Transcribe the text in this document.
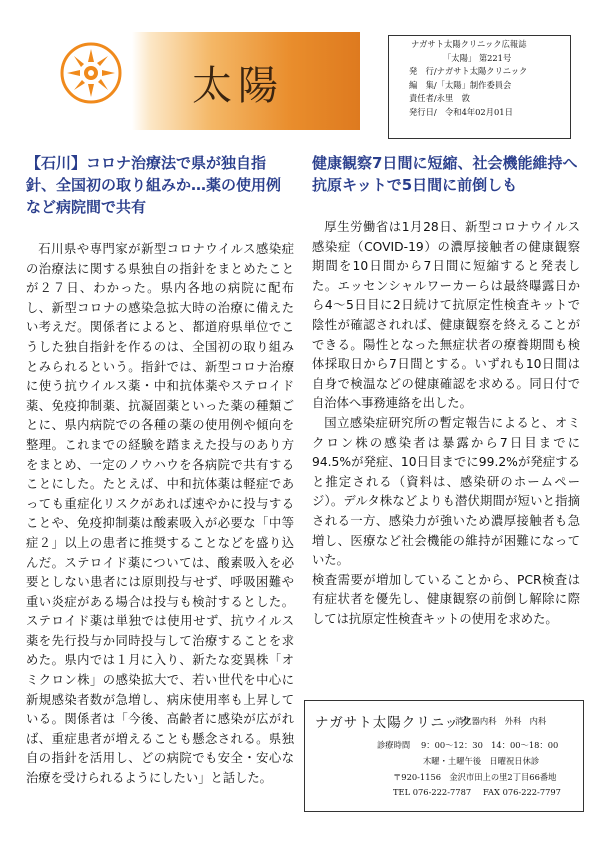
太陽
ナガサト太陽クリニック広報誌
「太陽」 第221号
発　行/ナガサト太陽クリニック
編　集/「太陽」制作委員会
責任者/永里　敦
発行日/　令和4年02月01日
【石川】コロナ治療法で県が独自指針、全国初の取り組みか…薬の使用例など病院間で共有

石川県や専門家が新型コロナウイルス感染症の治療法に関する県独自の指針をまとめたことが２７日、わかった。県内各地の病院に配布し、新型コロナの感染急拡大時の治療に備えたい考えだ。関係者によると、都道府県単位でこうした独自指針を作るのは、全国初の取り組みとみられるという。指針では、新型コロナ治療に使う抗ウイルス薬・中和抗体薬やステロイド薬、免疫抑制薬、抗凝固薬といった薬の種類ごとに、県内病院での各種の薬の使用例や傾向を整理。これまでの経験を踏まえた投与のあり方をまとめ、一定のノウハウを各病院で共有することにした。たとえば、中和抗体薬は軽症であっても重症化リスクがあれば速やかに投与することや、免疫抑制薬は酸素吸入が必要な「中等症２」以上の患者に推奨することなどを盛り込んだ。ステロイド薬については、酸素吸入を必要としない患者には原則投与せず、呼吸困難や重い炎症がある場合は投与も検討するとした。ステロイド薬は単独では使用せず、抗ウイルス薬を先行投与か同時投与して治療することを求めた。県内では１月に入り、新たな変異株「オミクロン株」の感染拡大で、若い世代を中心に新規感染者数が急増し、病床使用率も上昇している。関係者は「今後、高齢者に感染が広がれば、重症患者が増えることも懸念される。県独自の指針を活用し、どの病院でも安全・安心な治療を受けられるようにしたい」と話した。

健康観察7日間に短縮、社会機能維持へ抗原キットで5日間に前倒しも

厚生労働省は1月28日、新型コロナウイルス感染症（COVID-19）の濃厚接触者の健康観察期間を10日間から7日間に短縮すると発表した。エッセンシャルワーカーらは最終曝露日から4～5日目に2日続けて抗原定性検査キットで陰性が確認されれば、健康観察を終えることができる。陽性となった無症状者の療養期間も検体採取日から7日間とする。いずれも10日間は自身で検温などの健康確認を求める。同日付で自治体へ事務連絡を出した。

国立感染症研究所の暫定報告によると、オミクロン株の感染者は暴露から7日目までに94.5%が発症、10日目までに99.2%が発症すると推定される（資料は、感染研のホームページ）。デルタ株などよりも潜伏期間が短いと指摘される一方、感染力が強いため濃厚接触者も急増し、医療など社会機能の維持が困難になっていた。

検査需要が増加していることから、PCR検査は有症状者を優先し、健康観察の前倒し解除に際しては抗原定性検査キットの使用を求めた。

ナガサト太陽クリニック
消化器内科　外科　内科
診療時間 9：00～12：30　14：00～18：00
木曜・土曜午後　日曜祝日休診
〒920-1156　金沢市田上の里2丁目66番地
TEL 076-222-7787 FAX 076-222-7797
